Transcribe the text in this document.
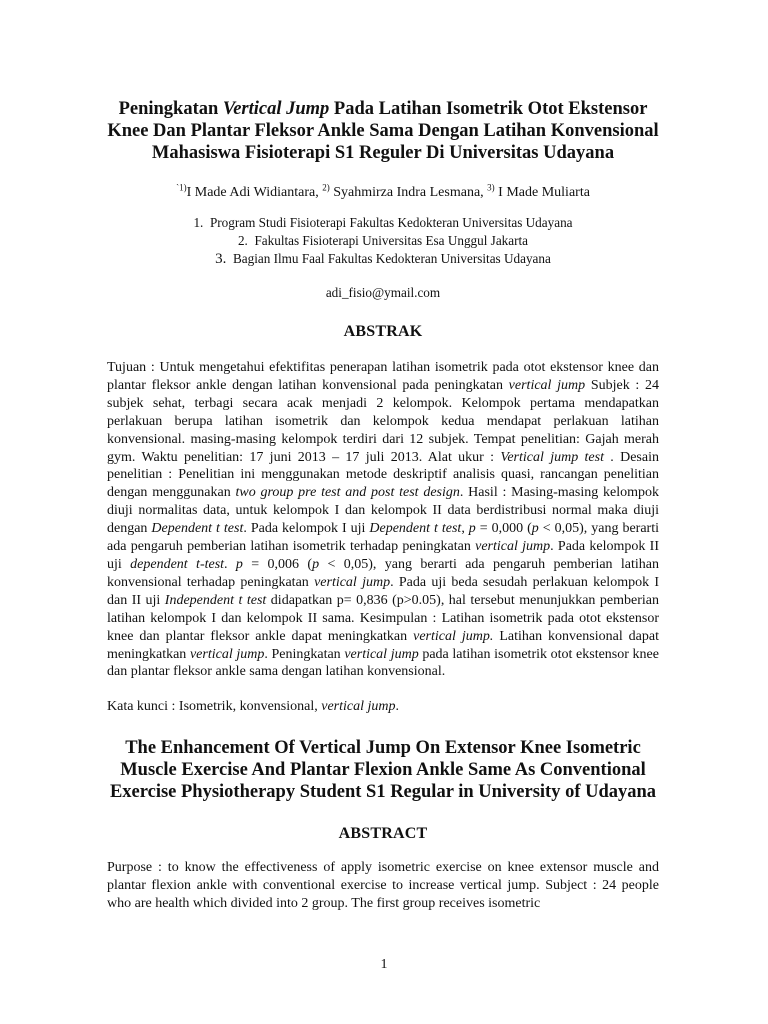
Peningkatan Vertical Jump Pada Latihan Isometrik Otot Ekstensor
Knee Dan Plantar Fleksor Ankle Sama Dengan Latihan Konvensional
Mahasiswa Fisioterapi S1 Reguler Di Universitas Udayana
$^{`1)}$I Made Adi Widiantara, $^{2)}$ Syahmirza Indra Lesmana, $^{3)}$ I Made Muliarta
1.  Program Studi Fisioterapi Fakultas Kedokteran Universitas Udayana
2.  Fakultas Fisioterapi Universitas Esa Unggul Jakarta
3.  Bagian Ilmu Faal Fakultas Kedokteran Universitas Udayana
adi_fisio@ymail.com
ABSTRAK
Tujuan : Untuk mengetahui efektifitas penerapan latihan isometrik pada otot ekstensor knee dan plantar fleksor ankle dengan latihan konvensional pada peningkatan vertical jump Subjek : 24 subjek sehat, terbagi secara acak menjadi 2 kelompok. Kelompok pertama mendapatkan perlakuan berupa latihan isometrik dan kelompok kedua mendapat perlakuan latihan konvensional. masing-masing kelompok terdiri dari 12 subjek. Tempat penelitian: Gajah merah gym. Waktu penelitian: 17 juni 2013 – 17 juli 2013. Alat ukur : Vertical jump test . Desain penelitian : Penelitian ini menggunakan metode deskriptif analisis quasi, rancangan penelitian dengan menggunakan two group pre test and post test design. Hasil : Masing-masing kelompok diuji normalitas data, untuk kelompok I dan kelompok II data berdistribusi normal maka diuji dengan Dependent t test. Pada kelompok I uji Dependent t test, p = 0,000 (p < 0,05), yang berarti ada pengaruh pemberian latihan isometrik terhadap peningkatan vertical jump. Pada kelompok II uji dependent t-test. p = 0,006 (p < 0,05), yang berarti ada pengaruh pemberian latihan konvensional terhadap peningkatan vertical jump. Pada uji beda sesudah perlakuan kelompok I dan II uji Independent t test didapatkan p= 0,836 (p>0.05), hal tersebut menunjukkan pemberian latihan kelompok I dan kelompok II sama. Kesimpulan : Latihan isometrik pada otot ekstensor knee dan plantar fleksor ankle dapat meningkatkan vertical jump. Latihan konvensional dapat meningkatkan vertical jump. Peningkatan vertical jump pada latihan isometrik otot ekstensor knee dan plantar fleksor ankle sama dengan latihan konvensional.
Kata kunci : Isometrik, konvensional, vertical jump.
The Enhancement Of Vertical Jump On Extensor Knee Isometric
Muscle Exercise And Plantar Flexion Ankle Same As Conventional
Exercise Physiotherapy Student S1 Regular in University of Udayana
ABSTRACT
Purpose : to know the effectiveness of apply isometric exercise on knee extensor muscle and plantar flexion ankle with conventional exercise to increase vertical jump. Subject : 24 people who are health which divided into 2 group. The first group receives isometric
1
